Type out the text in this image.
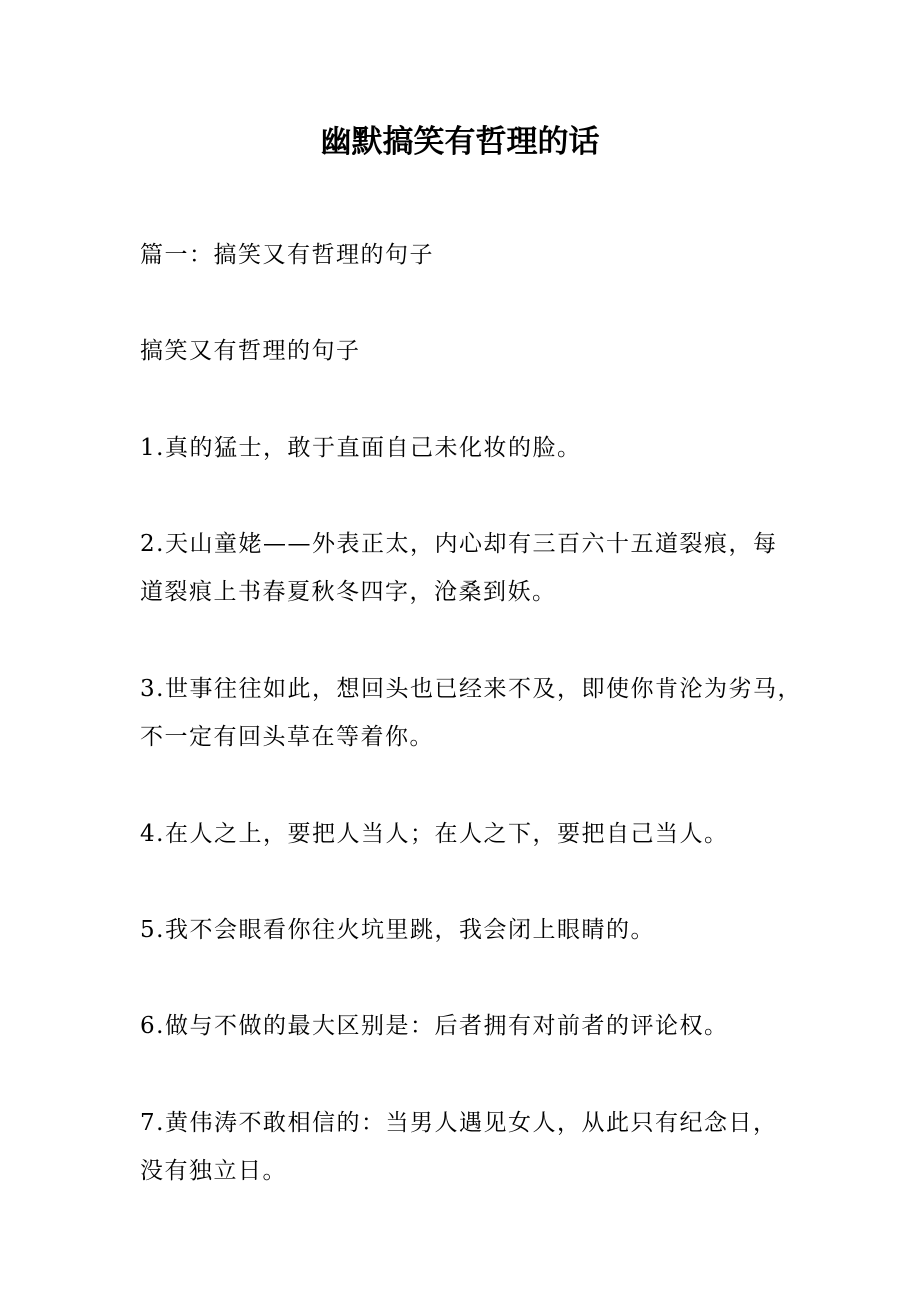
幽默搞笑有哲理的话

篇一：搞笑又有哲理的句子

搞笑又有哲理的句子

1.真的猛士，敢于直面自己未化妆的脸。

2.天山童姥——外表正太，内心却有三百六十五道裂痕，每
道裂痕上书春夏秋冬四字，沧桑到妖。

3.世事往往如此，想回头也已经来不及，即使你肯沦为劣马，
不一定有回头草在等着你。

4.在人之上，要把人当人；在人之下，要把自己当人。

5.我不会眼看你往火坑里跳，我会闭上眼睛的。

6.做与不做的最大区别是：后者拥有对前者的评论权。

7.黄伟涛不敢相信的：当男人遇见女人，从此只有纪念日，
没有独立日。
